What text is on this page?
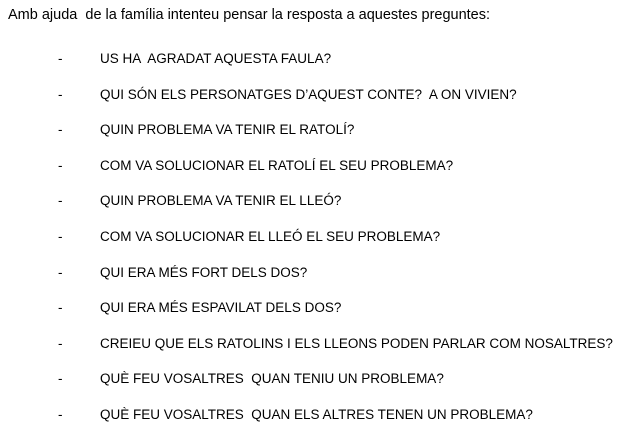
Amb ajuda  de la família intenteu pensar la resposta a aquestes preguntes:
-	US HA  AGRADAT AQUESTA FAULA?
-	QUI SÓN ELS PERSONATGES D’AQUEST CONTE?  A ON VIVIEN?
-	QUIN PROBLEMA VA TENIR EL RATOLÍ?
-	COM VA SOLUCIONAR EL RATOLÍ EL SEU PROBLEMA?
-	QUIN PROBLEMA VA TENIR EL LLEÓ?
-	COM VA SOLUCIONAR EL LLEÓ EL SEU PROBLEMA?
-	QUI ERA MÉS FORT DELS DOS?
-	QUI ERA MÉS ESPAVILAT DELS DOS?
-	CREIEU QUE ELS RATOLINS I ELS LLEONS PODEN PARLAR COM NOSALTRES?
-	QUÈ FEU VOSALTRES  QUAN TENIU UN PROBLEMA?
-	QUÈ FEU VOSALTRES  QUAN ELS ALTRES TENEN UN PROBLEMA?
